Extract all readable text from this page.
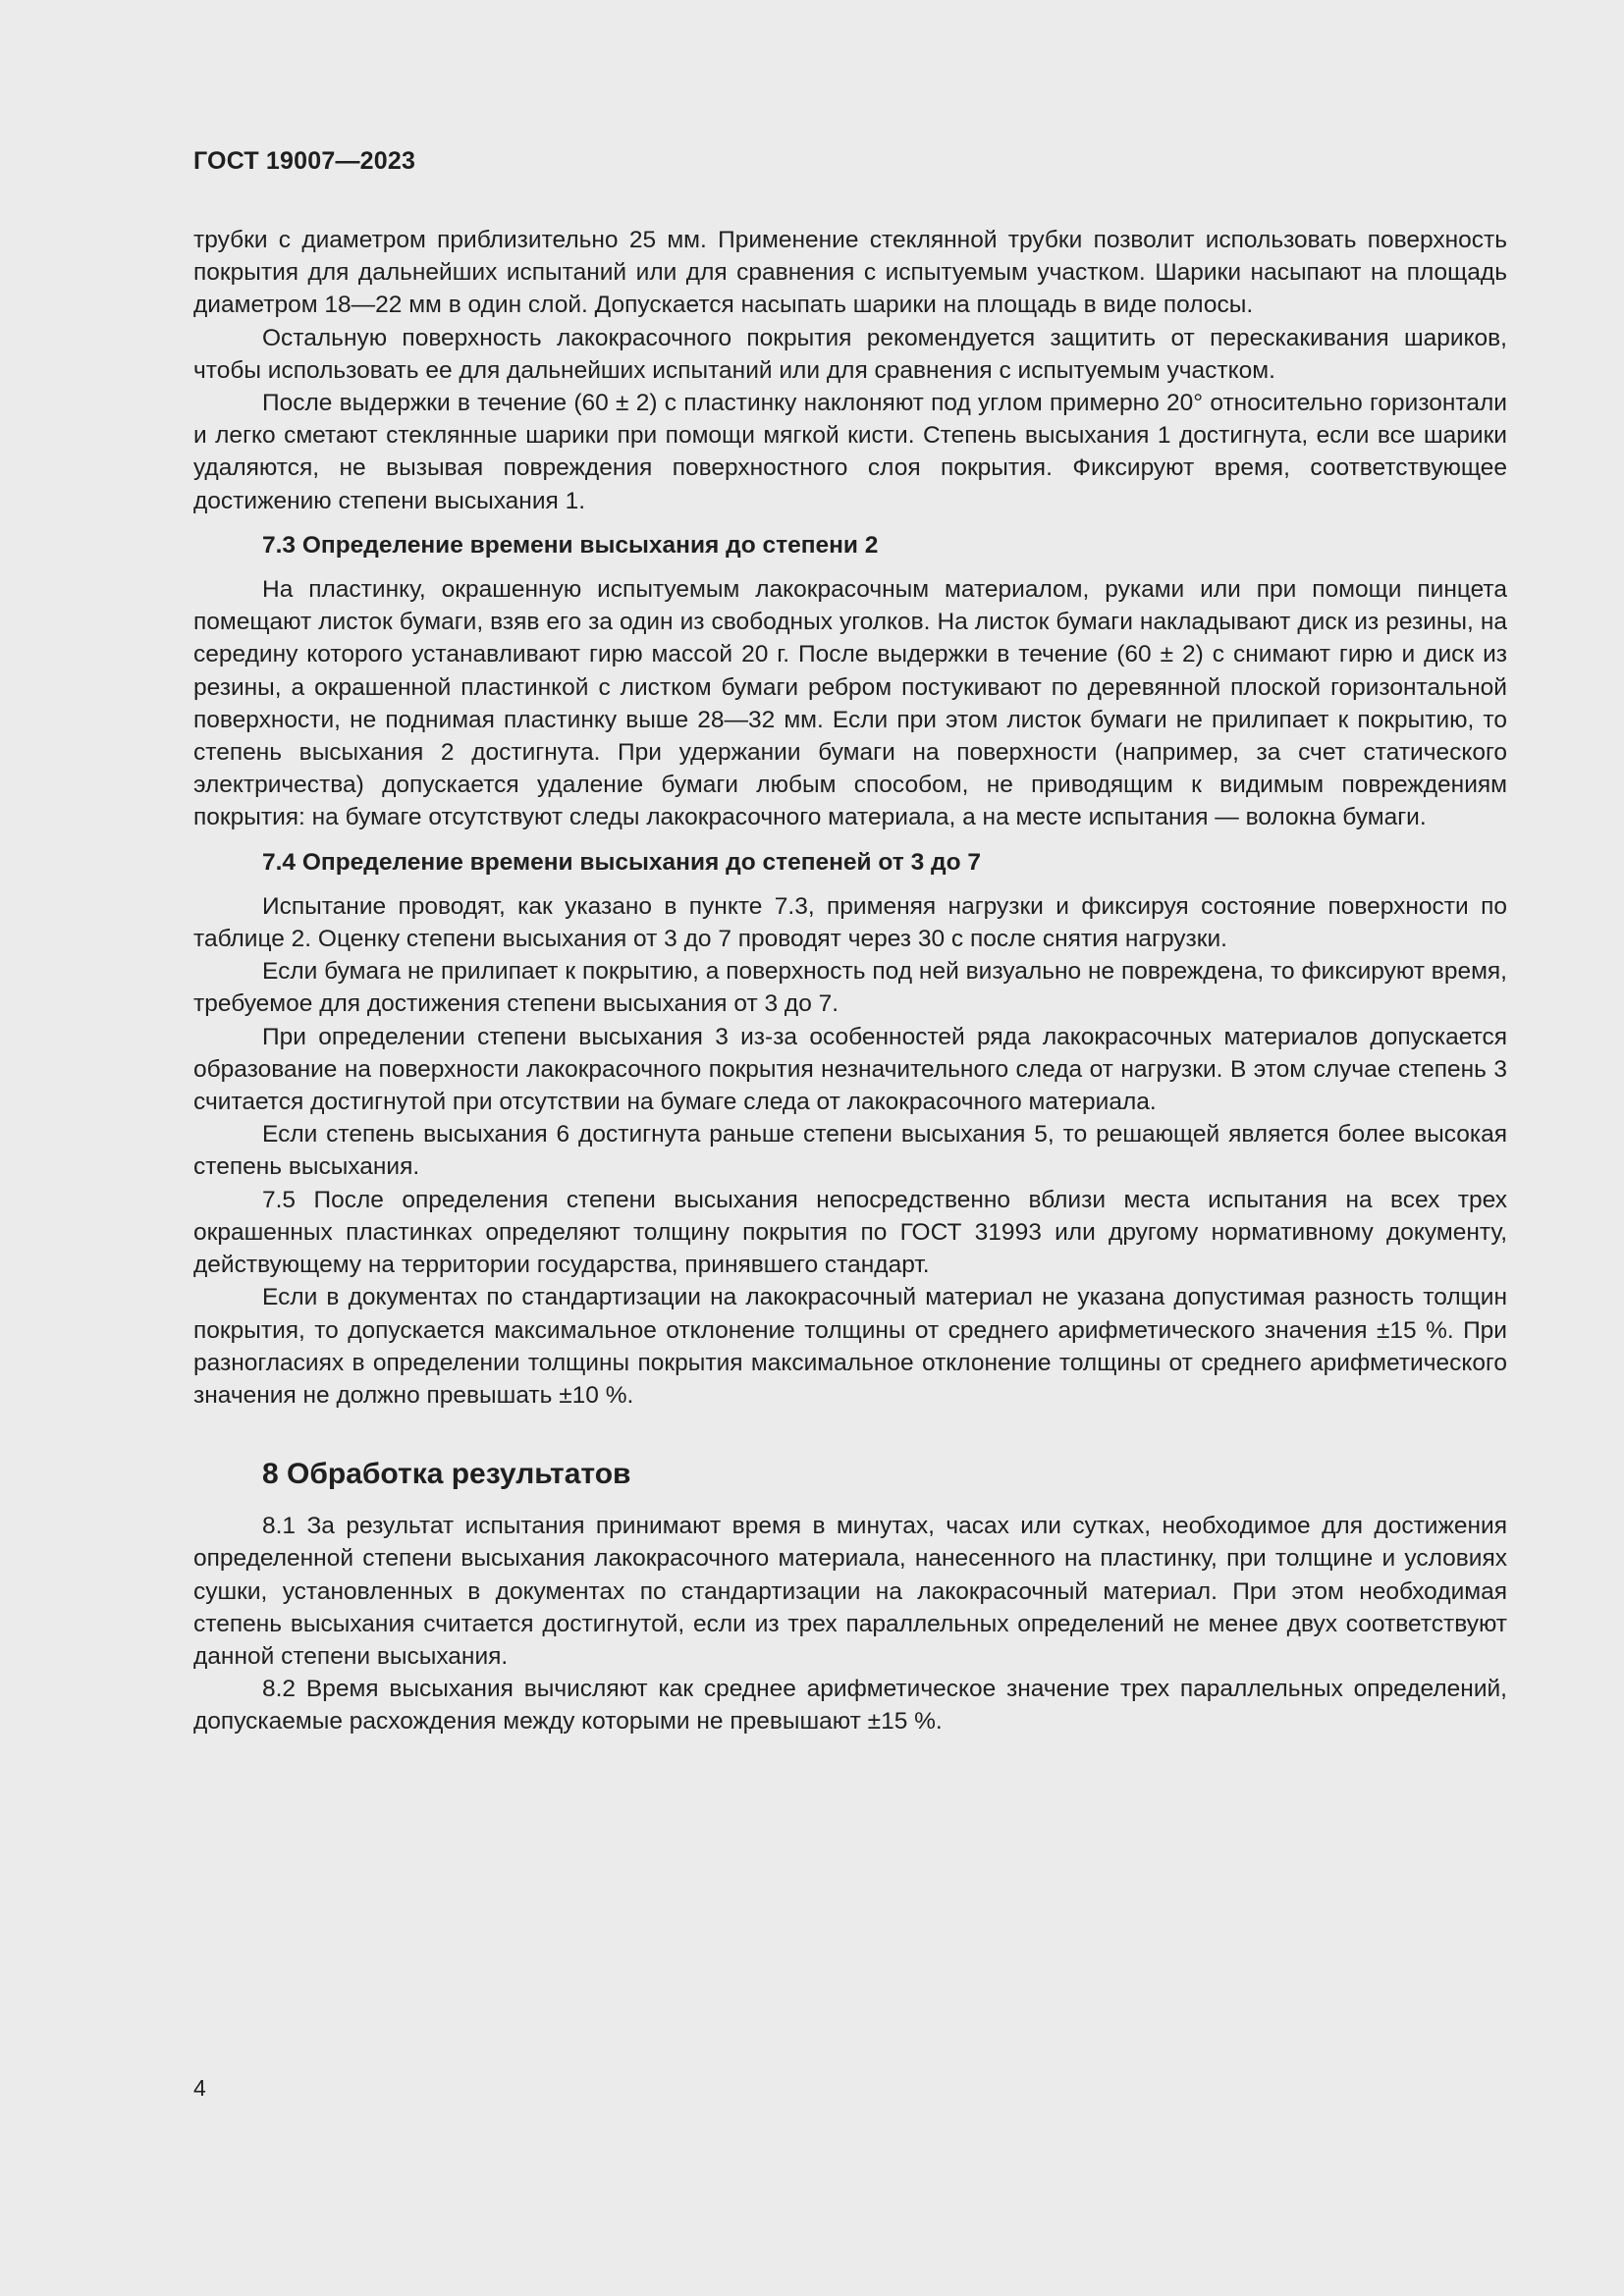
ГОСТ 19007—2023

трубки с диаметром приблизительно 25 мм. Применение стеклянной трубки позволит использовать поверхность покрытия для дальнейших испытаний или для сравнения с испытуемым участком. Шарики насыпают на площадь диаметром 18—22 мм в один слой. Допускается насыпать шарики на площадь в виде полосы.

Остальную поверхность лакокрасочного покрытия рекомендуется защитить от перескакивания шариков, чтобы использовать ее для дальнейших испытаний или для сравнения с испытуемым участком.

После выдержки в течение (60 ± 2) с пластинку наклоняют под углом примерно 20° относительно горизонтали и легко сметают стеклянные шарики при помощи мягкой кисти. Степень высыхания 1 достигнута, если все шарики удаляются, не вызывая повреждения поверхностного слоя покрытия. Фиксируют время, соответствующее достижению степени высыхания 1.

7.3 Определение времени высыхания до степени 2

На пластинку, окрашенную испытуемым лакокрасочным материалом, руками или при помощи пинцета помещают листок бумаги, взяв его за один из свободных уголков. На листок бумаги накладывают диск из резины, на середину которого устанавливают гирю массой 20 г. После выдержки в течение (60 ± 2) с снимают гирю и диск из резины, а окрашенной пластинкой с листком бумаги ребром постукивают по деревянной плоской горизонтальной поверхности, не поднимая пластинку выше 28—32 мм. Если при этом листок бумаги не прилипает к покрытию, то степень высыхания 2 достигнута. При удержании бумаги на поверхности (например, за счет статического электричества) допускается удаление бумаги любым способом, не приводящим к видимым повреждениям покрытия: на бумаге отсутствуют следы лакокрасочного материала, а на месте испытания — волокна бумаги.

7.4 Определение времени высыхания до степеней от 3 до 7

Испытание проводят, как указано в пункте 7.3, применяя нагрузки и фиксируя состояние поверхности по таблице 2. Оценку степени высыхания от 3 до 7 проводят через 30 с после снятия нагрузки.

Если бумага не прилипает к покрытию, а поверхность под ней визуально не повреждена, то фиксируют время, требуемое для достижения степени высыхания от 3 до 7.

При определении степени высыхания 3 из-за особенностей ряда лакокрасочных материалов допускается образование на поверхности лакокрасочного покрытия незначительного следа от нагрузки. В этом случае степень 3 считается достигнутой при отсутствии на бумаге следа от лакокрасочного материала.

Если степень высыхания 6 достигнута раньше степени высыхания 5, то решающей является более высокая степень высыхания.

7.5 После определения степени высыхания непосредственно вблизи места испытания на всех трех окрашенных пластинках определяют толщину покрытия по ГОСТ 31993 или другому нормативному документу, действующему на территории государства, принявшего стандарт.

Если в документах по стандартизации на лакокрасочный материал не указана допустимая разность толщин покрытия, то допускается максимальное отклонение толщины от среднего арифметического значения ±15 %. При разногласиях в определении толщины покрытия максимальное отклонение толщины от среднего арифметического значения не должно превышать ±10 %.

8 Обработка результатов

8.1 За результат испытания принимают время в минутах, часах или сутках, необходимое для достижения определенной степени высыхания лакокрасочного материала, нанесенного на пластинку, при толщине и условиях сушки, установленных в документах по стандартизации на лакокрасочный материал. При этом необходимая степень высыхания считается достигнутой, если из трех параллельных определений не менее двух соответствуют данной степени высыхания.

8.2 Время высыхания вычисляют как среднее арифметическое значение трех параллельных определений, допускаемые расхождения между которыми не превышают ±15 %.

4
